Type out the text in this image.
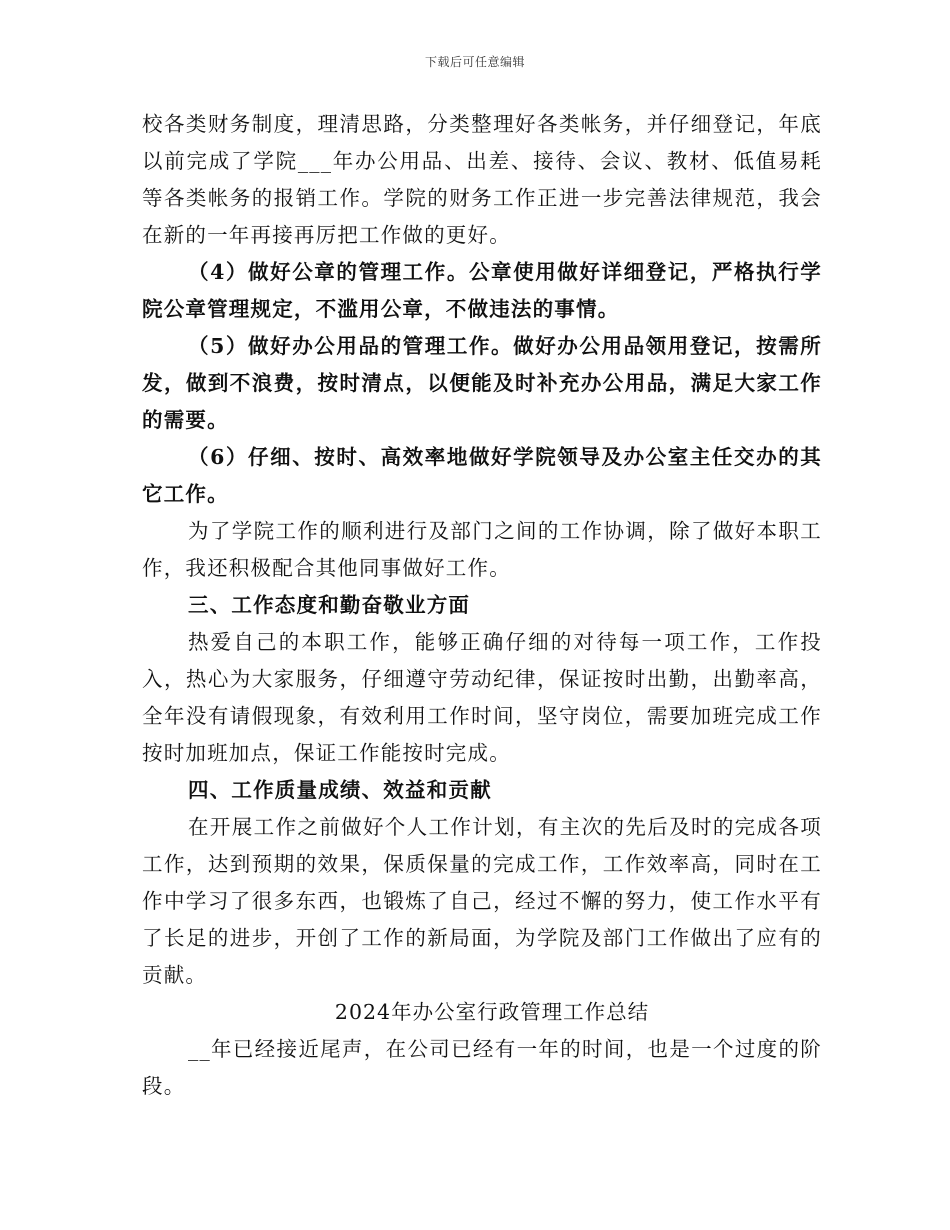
下载后可任意编辑

校各类财务制度，理清思路，分类整理好各类帐务，并仔细登记，年底以前完成了学院___年办公用品、出差、接待、会议、教材、低值易耗等各类帐务的报销工作。学院的财务工作正进一步完善法律规范，我会在新的一年再接再厉把工作做的更好。

（4）做好公章的管理工作。公章使用做好详细登记，严格执行学院公章管理规定，不滥用公章，不做违法的事情。

（5）做好办公用品的管理工作。做好办公用品领用登记，按需所发，做到不浪费，按时清点，以便能及时补充办公用品，满足大家工作的需要。

（6）仔细、按时、高效率地做好学院领导及办公室主任交办的其它工作。

为了学院工作的顺利进行及部门之间的工作协调，除了做好本职工作，我还积极配合其他同事做好工作。

三、工作态度和勤奋敬业方面

热爱自己的本职工作，能够正确仔细的对待每一项工作，工作投入，热心为大家服务，仔细遵守劳动纪律，保证按时出勤，出勤率高，全年没有请假现象，有效利用工作时间，坚守岗位，需要加班完成工作按时加班加点，保证工作能按时完成。

四、工作质量成绩、效益和贡献

在开展工作之前做好个人工作计划，有主次的先后及时的完成各项工作，达到预期的效果，保质保量的完成工作，工作效率高，同时在工作中学习了很多东西，也锻炼了自己，经过不懈的努力，使工作水平有了长足的进步，开创了工作的新局面，为学院及部门工作做出了应有的贡献。

2024年办公室行政管理工作总结

__年已经接近尾声，在公司已经有一年的时间，也是一个过度的阶段。
